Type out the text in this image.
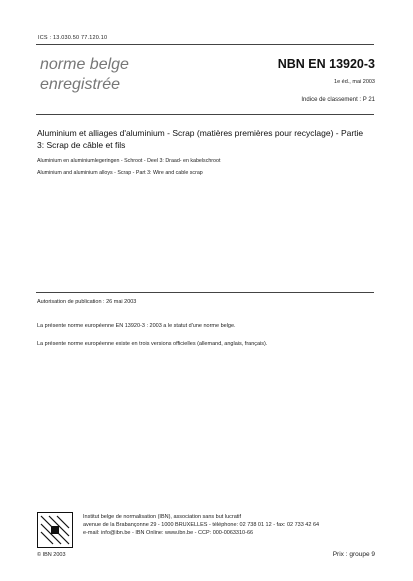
ICS : 13.030.50 77.120.10
norme belge
enregistrée
NBN EN 13920-3
1e éd., mai 2003
Indice de classement : P 21
Aluminium et alliages d'aluminium - Scrap (matières premières pour recyclage) - Partie 3: Scrap de câble et fils
Aluminium en aluminiumlegeringen - Schroot - Deel 3: Draad- en kabelschroot
Aluminium and aluminium alloys - Scrap - Part 3: Wire and cable scrap
Autorisation de publication : 26 mai 2003
La présente norme européenne EN 13920-3 : 2003 a le statut d'une norme belge.
La présente norme européenne existe en trois versions officielles (allemand, anglais, français).
Institut belge de normalisation (IBN), association sans but lucratif
avenue de la Brabançonne 29 - 1000 BRUXELLES - téléphone: 02 738 01 12 - fax: 02 733 42 64
e-mail: info@ibn.be - IBN Online: www.ibn.be - CCP: 000-0063310-66
© IBN 2003	Prix : groupe 9
